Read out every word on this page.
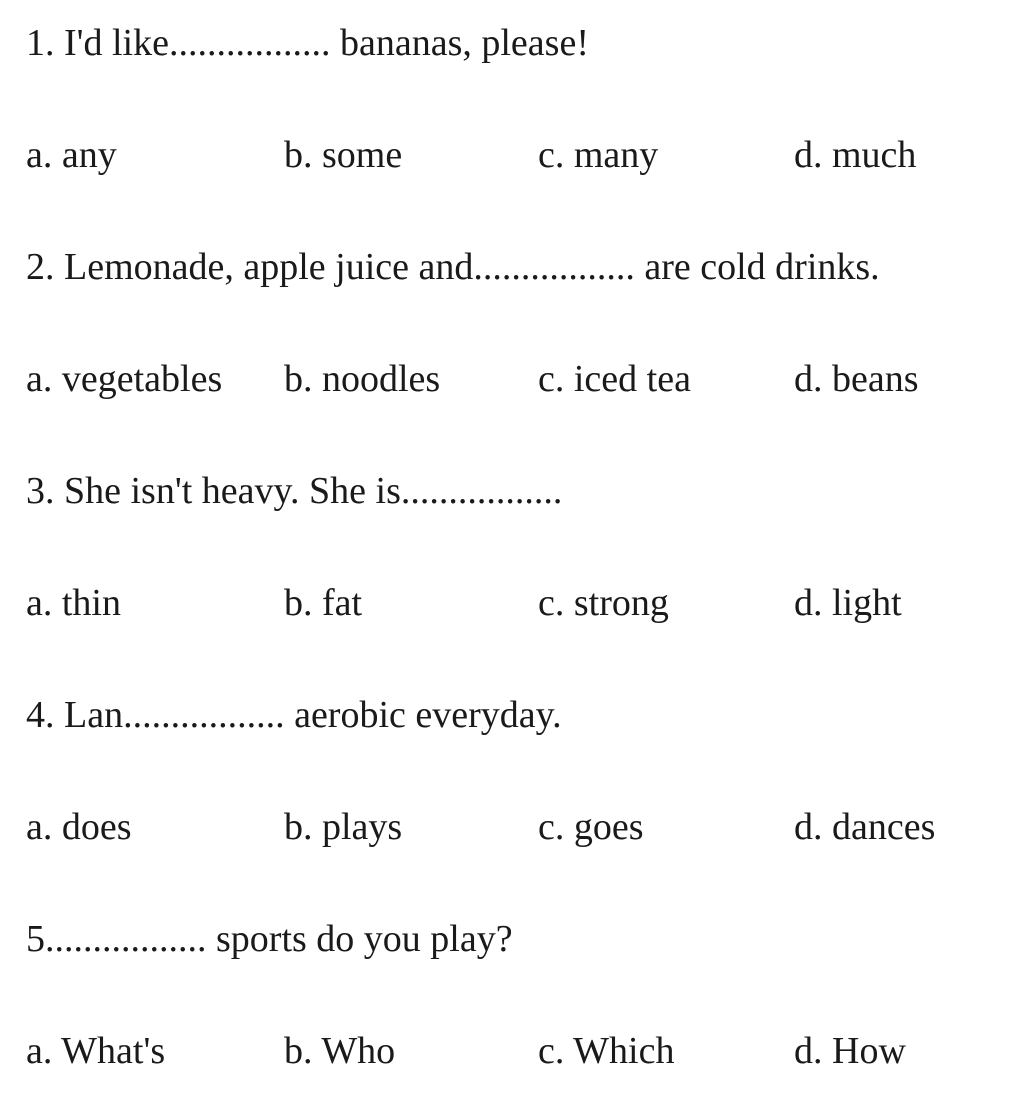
1. I'd like................. bananas, please!
a. any	b. some	c. many	d. much
2. Lemonade, apple juice and................. are cold drinks.
a. vegetables b. noodles	c. iced tea	d. beans
3. She isn't heavy. She is.................
a. thin	b. fat	c. strong	d. light
4. Lan................. aerobic everyday.
a. does	b. plays	c. goes	d. dances
5................. sports do you play?
a. What's	b. Who	c. Which	d. How
